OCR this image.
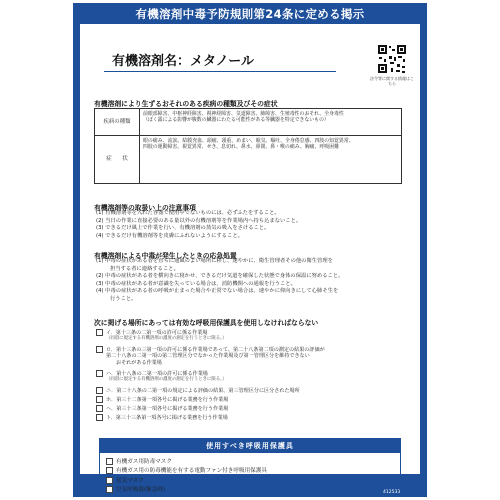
有機溶剤中毒予防規則第24条に定める掲示
有機溶剤名：メタノール
法令等に関する情報はこちら
有機溶剤により生ずるおそれのある疾病の種類及びその症状
疾病の種類	前眼部障害、中枢神経障害、視神経障害、気道障害、肺障害、生殖毒性のおそれ、全身毒性
（ばく露による影響が腹数の臓器にわたる可能性がある等臓器を特定できないもの）

症　　状	眼の痛み、流涙、結膜充血、頭痛、頭重、めまい、眠気、嘔吐、全身倦怠感、四肢の知覚異常、
四肢の運動障害、視覚異常、せき、息切れ、鼻水、鼻閉、鼻・喉の痛み、胸痛、呼吸困難
有機溶剤等の取扱い上の注意事項
(1) 有機溶剤等を入れた容器で使用中でないものには、必ずふたをすること。
(2) 当日の作業に直接必要のある量以外の有機溶剤等を作業場内へ持ち込まないこと。
(3) できるだけ風上で作業を行い、有機溶剤の蒸気の吸入をさけること。
(4) できるだけ有機溶剤等を皮膚にふれないようにすること。
有機溶剤による中毒が発生したときの応急処置
(1) 中毒の症状がある者を直ちに通風のよい場所に移し、速やかに、衛生管理者その他の衛生管理を
担当する者に連絡すること。
(2) 中毒の症状がある者を横向きに寝かせ、できるだけ気道を確保した状態で身体の保温に努めること。
(3) 中毒の症状がある者が意識を失っている場合は、消防機関への通報を行うこと。
(4) 中毒の症状がある者の呼吸が止まった場合や正常でない場合は、速やかに仰向きにして心肺そ生を
行うこと。
次に掲げる場所にあっては有効な呼吸用保護具を使用しなければならない
イ．第十三条の二第一項の許可に係る作業場
（同項に規定する有機溶剤の濃度の測定を行うときに限る。）
ロ．第十三条の三第一項の許可に係る作業場であって、第二十八条第二項の測定の結果の評価が
第二十八条の二第一項の第二管理区分でなかった作業場及び第一管理区分を維持できない
おそれがある作業場
ハ．第十八条の二第一項の許可に係る作業場
（同項に規定する有機溶剤の濃度の測定を行うときに限る。）
ニ．第二十八条の二第一項の規定による評価の結果、第三管理区分に区分された場所
ホ．第三十二条第一項各号に掲げる業務を行う作業場
ヘ．第三十三条第一項各号に掲げる業務を行う作業場
ト．第三十三条第一項各号に掲げる業務を行う作業場
使用すべき呼吸用保護具
有機ガス用防毒マスク
有機ガス用の防毒機能を有する電動ファン付き呼吸用保護具
送気マスク
空気呼吸器(緊急時)	412533
